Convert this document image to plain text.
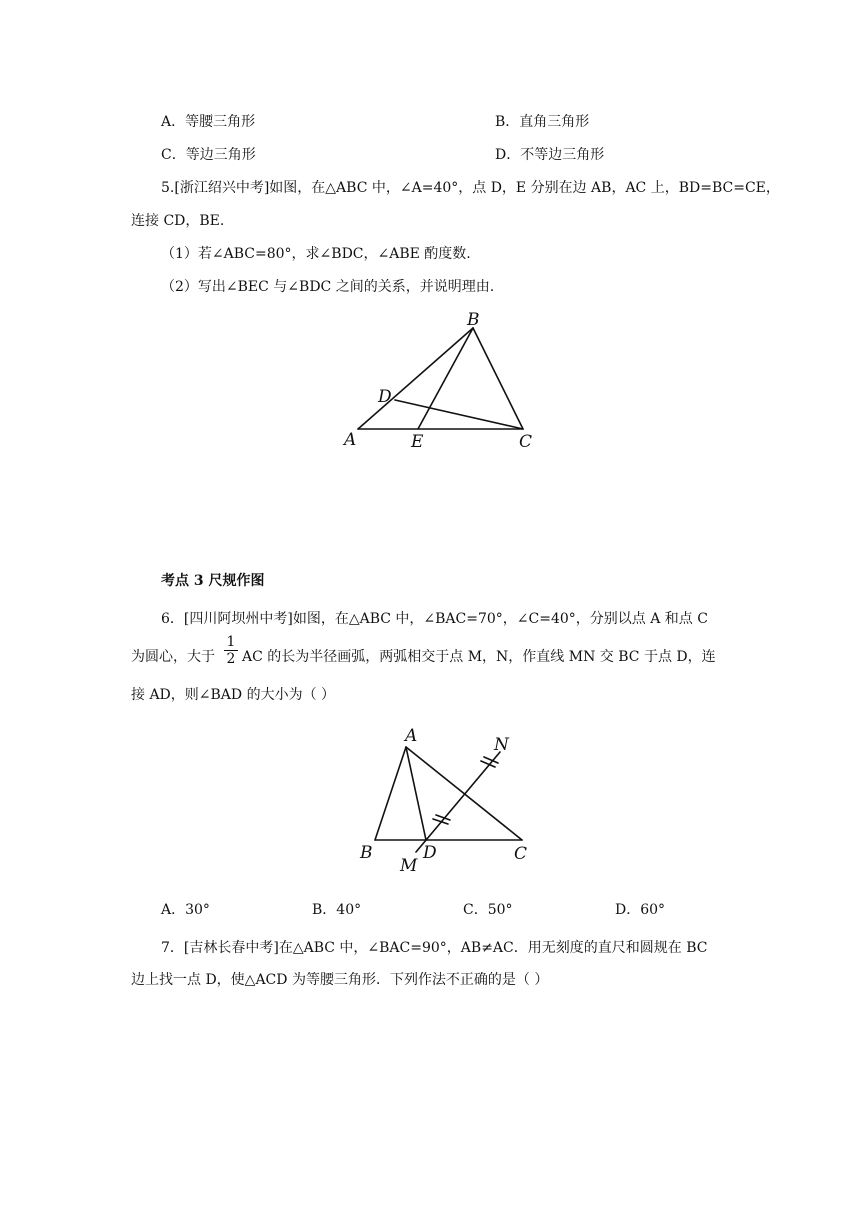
A．等腰三角形	B．直角三角形
C．等边三角形	D．不等边三角形
5.[浙江绍兴中考]如图，在△ABC 中，∠A=40°，点 D，E 分别在边 AB，AC 上，BD=BC=CE，
连接 CD，BE.
（1）若∠ABC=80°，求∠BDC，∠ABE 酌度数.
（2）写出∠BEC 与∠BDC 之间的关系，并说明理由.
B
D
A	E	C
考点 3 尺规作图
6．[四川阿坝州中考]如图，在△ABC 中，∠BAC=70°，∠C=40°，分别以点 A 和点 C
为圆心，大于
1
2 AC 的长为半径画弧，两弧相交于点 M，N，作直线 MN 交 BC 于点 D，连
接 AD，则∠BAD 的大小为（ ）
A	N
B	D	C
M
A．30°	B．40°	C．50°	D．60°
7．[吉林长春中考]在△ABC 中，∠BAC=90°，AB≠AC．用无刻度的直尺和圆规在 BC
边上找一点 D，使△ACD 为等腰三角形．下列作法不正确的是（ ）
